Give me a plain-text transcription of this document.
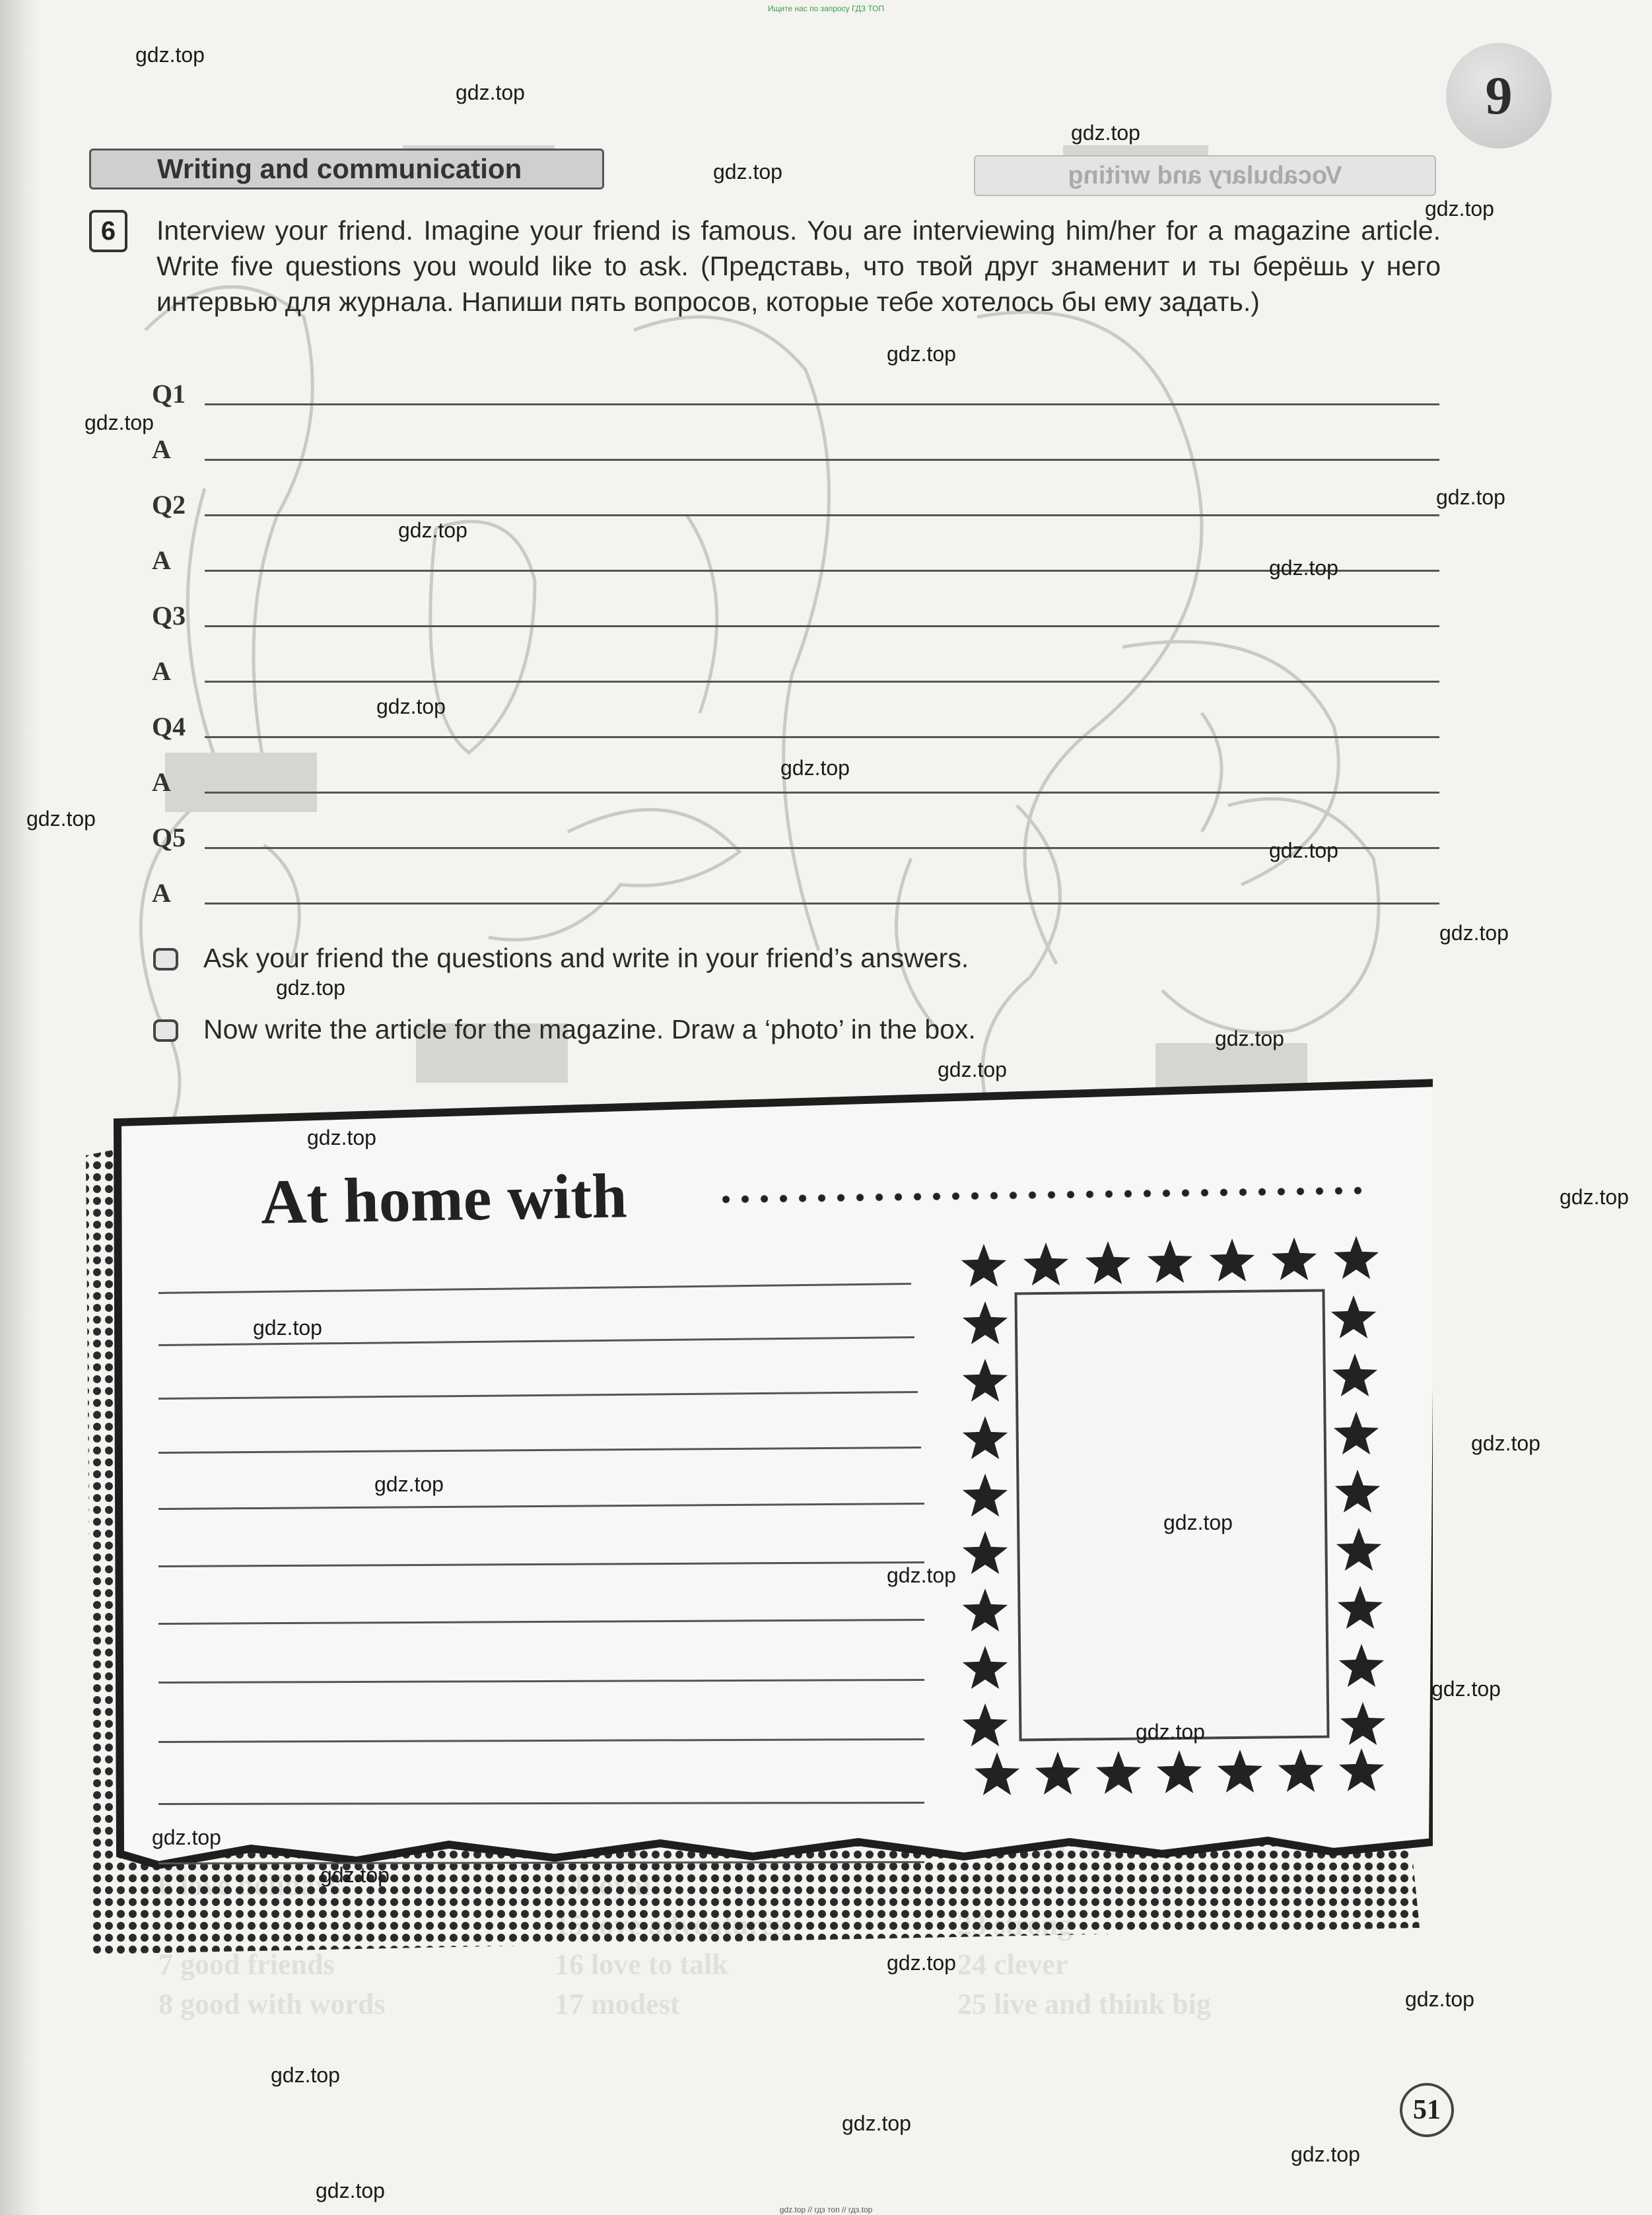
Ищите нас по запросу ГДЗ ТОП
7 good friends	16 love to talk	24 clever
8 good with words	17 modest	25 live and think big
9
Writing and communication	Vocabulary and writing
6	Interview your friend. Imagine your friend is famous. You are interviewing him/her for a magazine article. Write five questions you would like to ask. (Представь, что твой друг знаменит и ты берёшь у него интервью для журнала. Напиши пять вопросов, которые тебе хотелось бы ему задать.)
Q1
A
Q2
A
Q3
A
Q4
A
Q5
A
Ask your friend the questions and write in your friend’s answers.
Now write the article for the magazine. Draw a ‘photo’ in the box.
At home with
51
gdz.top // гдз топ // гдз.top
gdz.top
gdz.top
gdz.top
gdz.top
gdz.top
gdz.top
gdz.top
gdz.top
gdz.top
gdz.top
gdz.top
gdz.top
gdz.top
gdz.top
gdz.top
gdz.top
gdz.top
gdz.top
gdz.top
gdz.top
gdz.top
gdz.top
gdz.top
gdz.top
gdz.top
gdz.top
gdz.top
gdz.top
gdz.top
gdz.top
gdz.top
gdz.top
gdz.top
gdz.top
gdz.top
